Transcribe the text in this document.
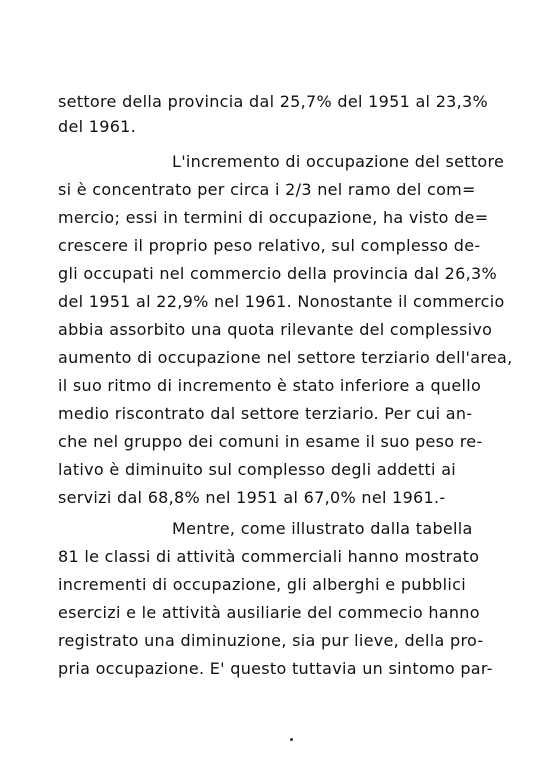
settore della provincia dal 25,7% del 1951 al 23,3%
del 1961.
L'incremento di occupazione del settore
si è concentrato per circa i 2/3 nel ramo del com=
mercio; essi in termini di occupazione, ha visto de=
crescere il proprio peso relativo, sul complesso de-
gli occupati nel commercio della provincia dal 26,3%
del 1951 al 22,9% nel 1961. Nonostante il commercio
abbia assorbito una quota rilevante del complessivo
aumento di occupazione nel settore terziario dell'area,
il suo ritmo di incremento è stato inferiore a quello
medio riscontrato dal settore terziario. Per cui an-
che nel gruppo dei comuni in esame il suo peso re-
lativo è diminuito sul complesso degli addetti ai
servizi dal 68,8% nel 1951 al 67,0% nel 1961.-
Mentre, come illustrato dalla tabella
81 le classi di attività commerciali hanno mostrato
incrementi di occupazione, gli alberghi e pubblici
esercizi e le attività ausiliarie del commecio hanno
registrato una diminuzione, sia pur lieve, della pro-
pria occupazione. E' questo tuttavia un sintomo par-
